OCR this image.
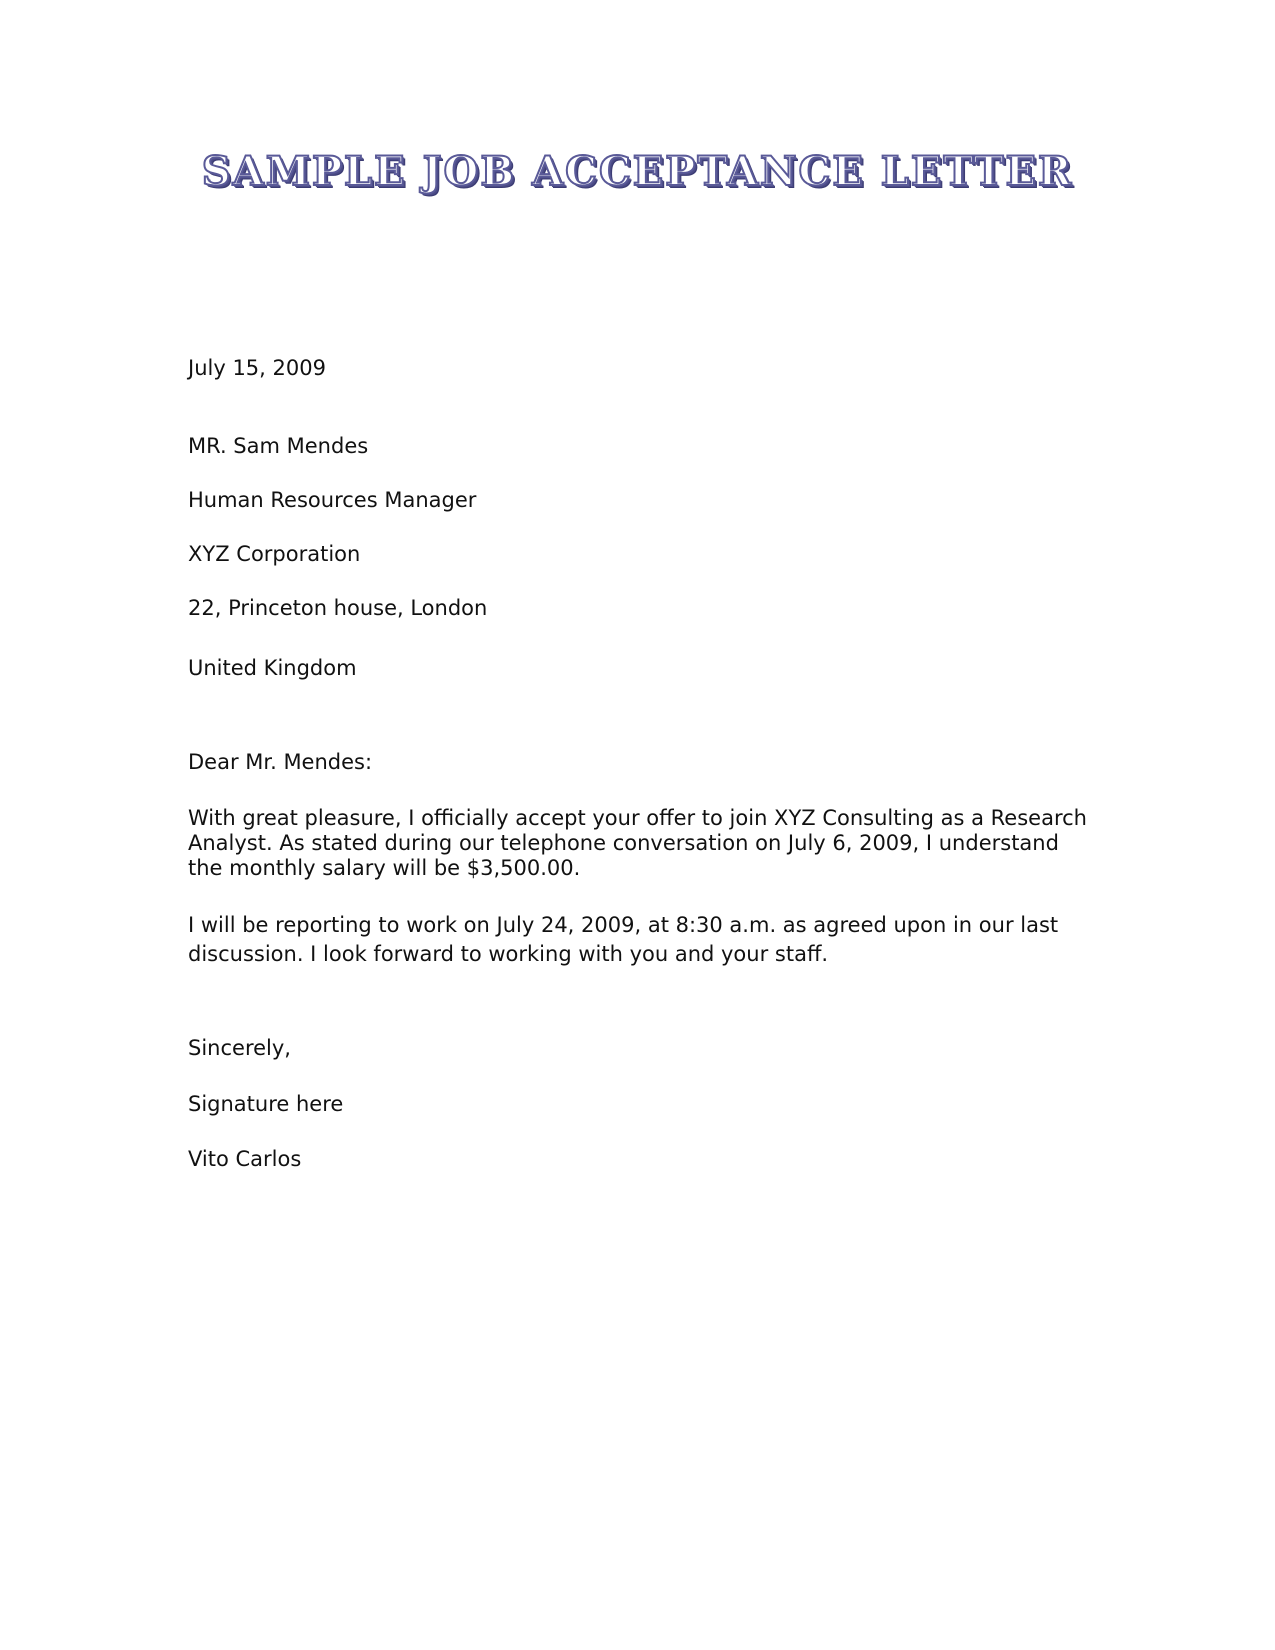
SAMPLE JOB ACCEPTANCE LETTER

July 15, 2009

MR. Sam Mendes

Human Resources Manager

XYZ Corporation

22, Princeton house, London

United Kingdom

Dear Mr. Mendes:

With great pleasure, I officially accept your offer to join XYZ Consulting as a Research Analyst. As stated during our telephone conversation on July 6, 2009, I understand the monthly salary will be $3,500.00.

I will be reporting to work on July 24, 2009, at 8:30 a.m. as agreed upon in our last discussion. I look forward to working with you and your staff.

Sincerely,

Signature here

Vito Carlos
